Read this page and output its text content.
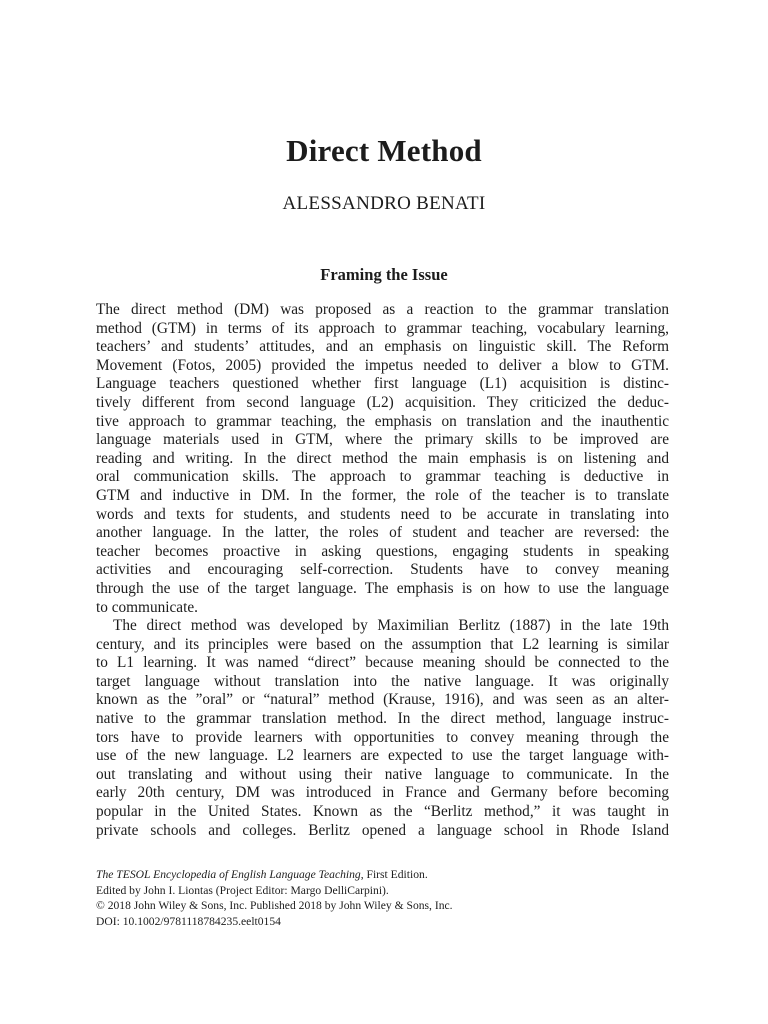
Direct Method
ALESSANDRO BENATI
Framing the Issue
The direct method (DM) was proposed as a reaction to the grammar translation
method (GTM) in terms of its approach to grammar teaching, vocabulary learning,
teachers’ and students’ attitudes, and an emphasis on linguistic skill. The Reform
Movement (Fotos, 2005) provided the impetus needed to deliver a blow to GTM.
Language teachers questioned whether first language (L1) acquisition is distinc-
tively different from second language (L2) acquisition. They criticized the deduc-
tive approach to grammar teaching, the emphasis on translation and the inauthentic
language materials used in GTM, where the primary skills to be improved are
reading and writing. In the direct method the main emphasis is on listening and
oral communication skills. The approach to grammar teaching is deductive in
GTM and inductive in DM. In the former, the role of the teacher is to translate
words and texts for students, and students need to be accurate in translating into
another language. In the latter, the roles of student and teacher are reversed: the
teacher becomes proactive in asking questions, engaging students in speaking
activities and encouraging self-correction. Students have to convey meaning
through the use of the target language. The emphasis is on how to use the language
to communicate.
The direct method was developed by Maximilian Berlitz (1887) in the late 19th
century, and its principles were based on the assumption that L2 learning is similar
to L1 learning. It was named “direct” because meaning should be connected to the
target language without translation into the native language. It was originally
known as the ”oral” or “natural” method (Krause, 1916), and was seen as an alter-
native to the grammar translation method. In the direct method, language instruc-
tors have to provide learners with opportunities to convey meaning through the
use of the new language. L2 learners are expected to use the target language with-
out translating and without using their native language to communicate. In the
early 20th century, DM was introduced in France and Germany before becoming
popular in the United States. Known as the “Berlitz method,” it was taught in
private schools and colleges. Berlitz opened a language school in Rhode Island
The TESOL Encyclopedia of English Language Teaching, First Edition.
Edited by John I. Liontas (Project Editor: Margo DelliCarpini).
© 2018 John Wiley & Sons, Inc. Published 2018 by John Wiley & Sons, Inc.
DOI: 10.1002/9781118784235.eelt0154
